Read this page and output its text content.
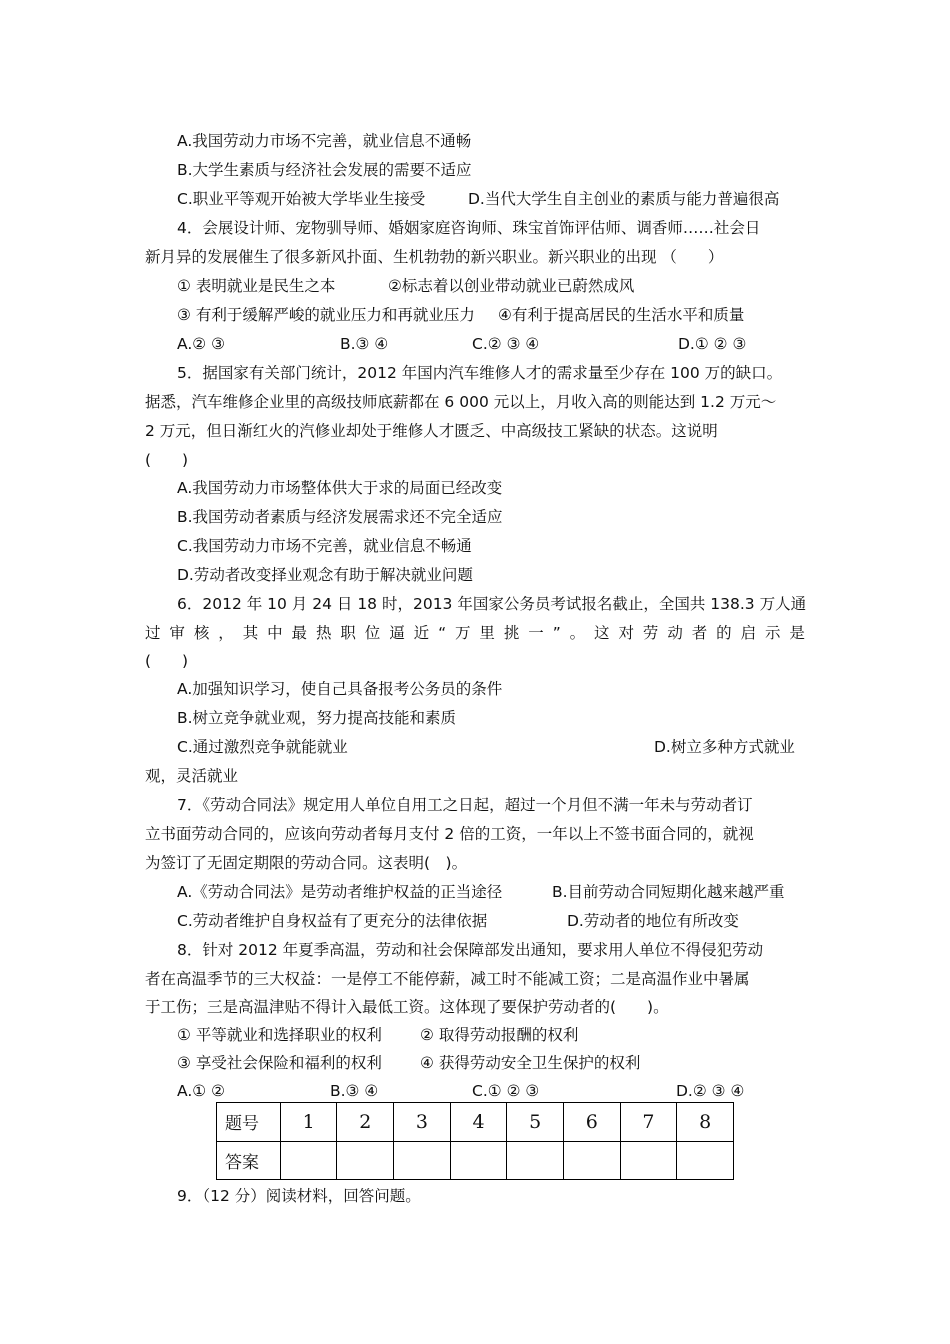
A.我国劳动力市场不完善，就业信息不通畅
B.大学生素质与经济社会发展的需要不适应
C.职业平等观开始被大学毕业生接受	D.当代大学生自主创业的素质与能力普遍很高
4．会展设计师、宠物驯导师、婚姻家庭咨询师、珠宝首饰评估师、调香师……社会日
新月异的发展催生了很多新风扑面、生机勃勃的新兴职业。新兴职业的出现 （　　）
① 表明就业是民生之本	②标志着以创业带动就业已蔚然成风
③ 有利于缓解严峻的就业压力和再就业压力 ④有利于提高居民的生活水平和质量
A.② ③	B.③ ④	C.② ③ ④	D.① ② ③
5．据国家有关部门统计，2012 年国内汽车维修人才的需求量至少存在 100 万的缺口。
据悉，汽车维修企业里的高级技师底薪都在 6 000 元以上，月收入高的则能达到 1.2 万元～
2 万元，但日渐红火的汽修业却处于维修人才匮乏、中高级技工紧缺的状态。这说明
(　　)
A.我国劳动力市场整体供大于求的局面已经改变
B.我国劳动者素质与经济发展需求还不完全适应
C.我国劳动力市场不完善，就业信息不畅通
D.劳动者改变择业观念有助于解决就业问题
6．2012 年 10 月 24 日 18 时，2013 年国家公务员考试报名截止，全国共 138.3 万人通
过 审 核 ， 其 中 最 热 职 位 逼 近 “ 万 里 挑 一 ” 。 这 对 劳 动 者 的 启 示 是
(　　)
A.加强知识学习，使自己具备报考公务员的条件
B.树立竞争就业观，努力提高技能和素质
C.通过激烈竞争就能就业	D.树立多种方式就业
观，灵活就业
7．《劳动合同法》规定用人单位自用工之日起，超过一个月但不满一年未与劳动者订
立书面劳动合同的，应该向劳动者每月支付 2 倍的工资，一年以上不签书面合同的，就视
为签订了无固定期限的劳动合同。这表明(　)。
A.《劳动合同法》是劳动者维护权益的正当途径	B.目前劳动合同短期化越来越严重
C.劳动者维护自身权益有了更充分的法律依据	D.劳动者的地位有所改变
8．针对 2012 年夏季高温，劳动和社会保障部发出通知，要求用人单位不得侵犯劳动
者在高温季节的三大权益：一是停工不能停薪，减工时不能减工资；二是高温作业中暑属
于工伤；三是高温津贴不得计入最低工资。这体现了要保护劳动者的(　　)。
① 平等就业和选择职业的权利 ② 取得劳动报酬的权利
③ 享受社会保险和福利的权利 ④ 获得劳动安全卫生保护的权利
A.① ②	B.③ ④	C.① ② ③	D.② ③ ④
题号	1	2	3	4	5	6	7	8
答案								
9．（12 分）阅读材料，回答问题。
